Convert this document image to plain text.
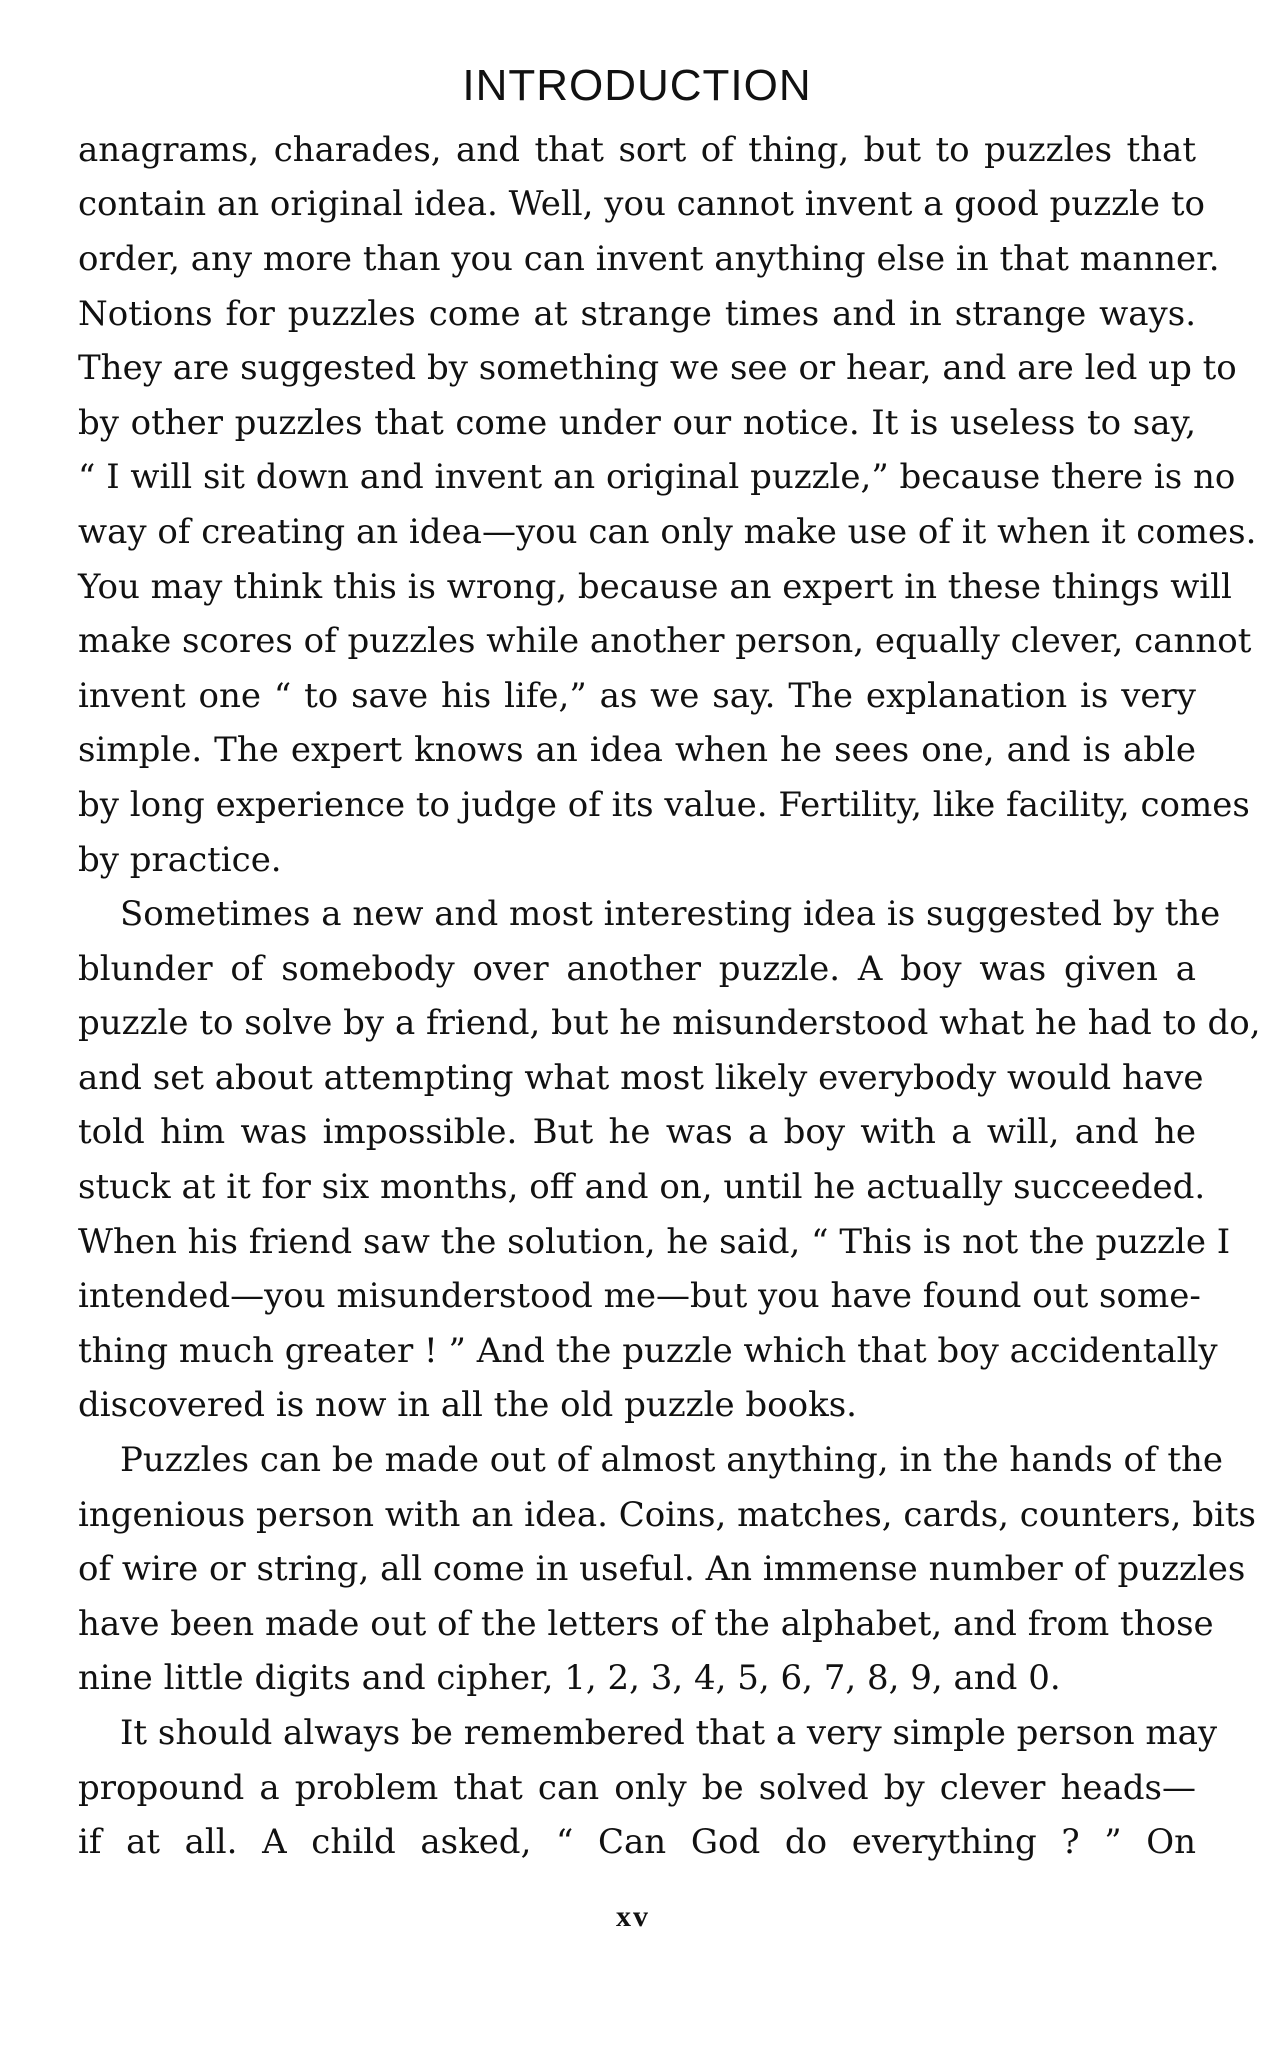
INTRODUCTION
anagrams, charades, and that sort of thing, but to puzzles that
contain an original idea. Well, you cannot invent a good puzzle to
order, any more than you can invent anything else in that manner.
Notions for puzzles come at strange times and in strange ways.
They are suggested by something we see or hear, and are led up to
by other puzzles that come under our notice. It is useless to say,
“ I will sit down and invent an original puzzle,” because there is no
way of creating an idea—you can only make use of it when it comes.
You may think this is wrong, because an expert in these things will
make scores of puzzles while another person, equally clever, cannot
invent one “ to save his life,” as we say. The explanation is very
simple. The expert knows an idea when he sees one, and is able
by long experience to judge of its value. Fertility, like facility, comes
by practice.
Sometimes a new and most interesting idea is suggested by the
blunder of somebody over another puzzle. A boy was given a
puzzle to solve by a friend, but he misunderstood what he had to do,
and set about attempting what most likely everybody would have
told him was impossible. But he was a boy with a will, and he
stuck at it for six months, off and on, until he actually succeeded.
When his friend saw the solution, he said, “ This is not the puzzle I
intended—you misunderstood me—but you have found out some-
thing much greater ! ” And the puzzle which that boy accidentally
discovered is now in all the old puzzle books.
Puzzles can be made out of almost anything, in the hands of the
ingenious person with an idea. Coins, matches, cards, counters, bits
of wire or string, all come in useful. An immense number of puzzles
have been made out of the letters of the alphabet, and from those
nine little digits and cipher, 1, 2, 3, 4, 5, 6, 7, 8, 9, and 0.
It should always be remembered that a very simple person may
propound a problem that can only be solved by clever heads—
if at all. A child asked, “ Can God do everything ? ” On
xv
